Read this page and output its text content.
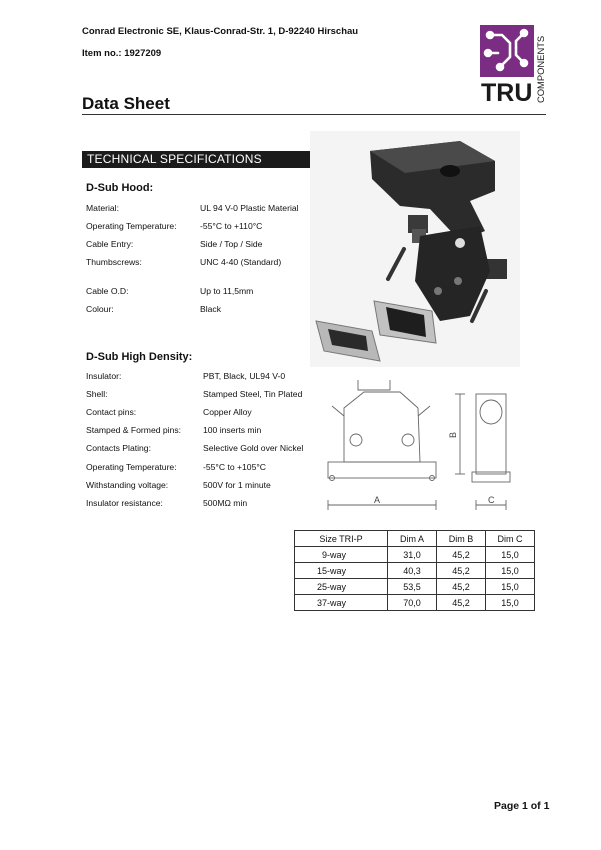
Conrad Electronic SE, Klaus-Conrad-Str. 1, D-92240 Hirschau
Item no.: 1927209
Data Sheet	TRU COMPONENTS
TECHNICAL SPECIFICATIONS
D-Sub Hood:
Material:	UL 94 V-0 Plastic Material
Operating Temperature:	-55°C to +110°C
Cable Entry:	Side / Top / Side
Thumbscrews:	UNC 4-40 (Standard)
Cable O.D:	Up to 11,5mm
Colour:	Black
D-Sub High Density:
Insulator:	PBT, Black, UL94 V-0
Shell:	Stamped Steel, Tin Plated
Contact pins:	Copper Alloy
Stamped & Formed pins:	100 inserts min
Contacts Plating:	Selective Gold over Nickel
Operating Temperature:	-55°C to +105°C
Withstanding voltage:	500V for 1 minute
Insulator resistance:	500MΩ min	A
B
C
Size TRI-P	Dim A	Dim B	Dim C
9-way	31,0	45,2	15,0
15-way	40,3	45,2	15,0
25-way	53,5	45,2	15,0
37-way	70,0	45,2	15,0
Page 1 of 1
